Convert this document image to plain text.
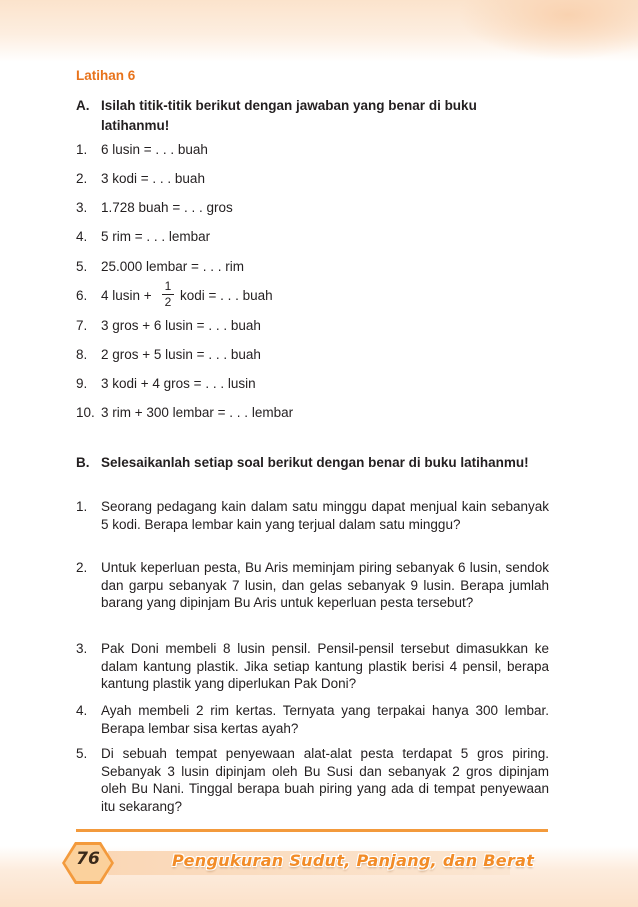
Latihan 6
A. Isilah titik-titik berikut dengan jawaban yang benar di buku latihanmu!
1. 6 lusin = . . . buah
2. 3 kodi = . . . buah
3. 1.728 buah = . . . gros
4. 5 rim = . . . lembar
5. 25.000 lembar = . . . rim
6. 4 lusin +
1
2 kodi = . . . buah
7. 3 gros + 6 lusin = . . . buah
8. 2 gros + 5 lusin = . . . buah
9. 3 kodi + 4 gros = . . . lusin
10. 3 rim + 300 lembar = . . . lembar
B. Selesaikanlah setiap soal berikut dengan benar di buku latihanmu!
1. Seorang pedagang kain dalam satu minggu dapat menjual kain sebanyak 5 kodi. Berapa lembar kain yang terjual dalam satu minggu?
2. Untuk keperluan pesta, Bu Aris meminjam piring sebanyak 6 lusin, sendok dan garpu sebanyak 7 lusin, dan gelas sebanyak 9 lusin. Berapa jumlah barang yang dipinjam Bu Aris untuk keperluan pesta tersebut?
3. Pak Doni membeli 8 lusin pensil. Pensil-pensil tersebut dimasukkan ke dalam kantung plastik. Jika setiap kantung plastik berisi 4 pensil, berapa kantung plastik yang diperlukan Pak Doni?
4. Ayah membeli 2 rim kertas. Ternyata yang terpakai hanya 300 lembar. Berapa lembar sisa kertas ayah?
5. Di sebuah tempat penyewaan alat-alat pesta terdapat 5 gros piring. Sebanyak 3 lusin dipinjam oleh Bu Susi dan sebanyak 2 gros dipinjam oleh Bu Nani. Tinggal berapa buah piring yang ada di tempat penyewaan itu sekarang?
76	Pengukuran Sudut, Panjang, dan Berat
